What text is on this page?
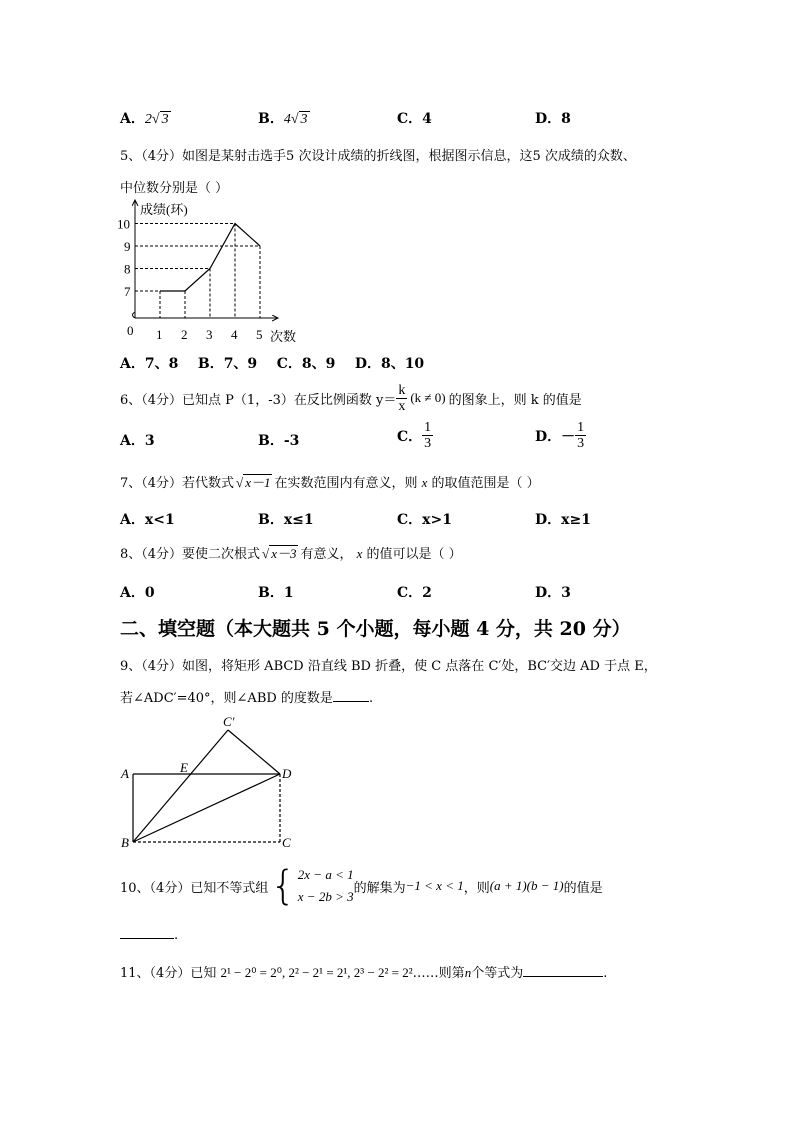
A．2√ 3	B．4√ 3	C．4	D．8
5、（4分）如图是某射击选手5 次设计成绩的折线图，根据图示信息，这5 次成绩的众数、
中位数分别是（ ）
成绩(环)
次数
0 1 2 3 4 5
7
8
9
10
A．7、8 B．7、9 C．8、9 D．8、10
6、（4分）已知点 P（1，-3）在反比例函数 $y= \frac{k}{x} (k \ne 0)$ 的图象上，则 k 的值是
A．3	B．-3	C． $\frac{1}{3}$	D．－ $\frac{1}{3}$
7、（4分）若代数式 √ x－1 在实数范围内有意义，则 x 的取值范围是（ ）
A．x<1	B．x≤1	C．x>1	D．x≥1
8、（4分）要使二次根式 √ x－3 有意义， x 的值可以是（ ）
A．0	B．1	C．2	D．3
二、填空题（本大题共 5 个小题，每小题 4 分，共 20 分）
9、（4分）如图，将矩形 ABCD 沿直线 BD 折叠，使 C 点落在 C′处，BC′交边 AD 于点 E，
若∠ADC′=40°，则∠ABD 的度数是	.
C′
A	E	D
B	C
10、（4分）已知不等式组 { 2x − a < 1
x − 2b > 3
的解集为 −1 < x < 1 ，则 (a + 1)(b − 1) 的值是
.
11、（4分）已知 2¹ − 2⁰ = 2⁰, 2² − 2¹ = 2¹, 2³ − 2² = 2²……则第n个等式为	.
